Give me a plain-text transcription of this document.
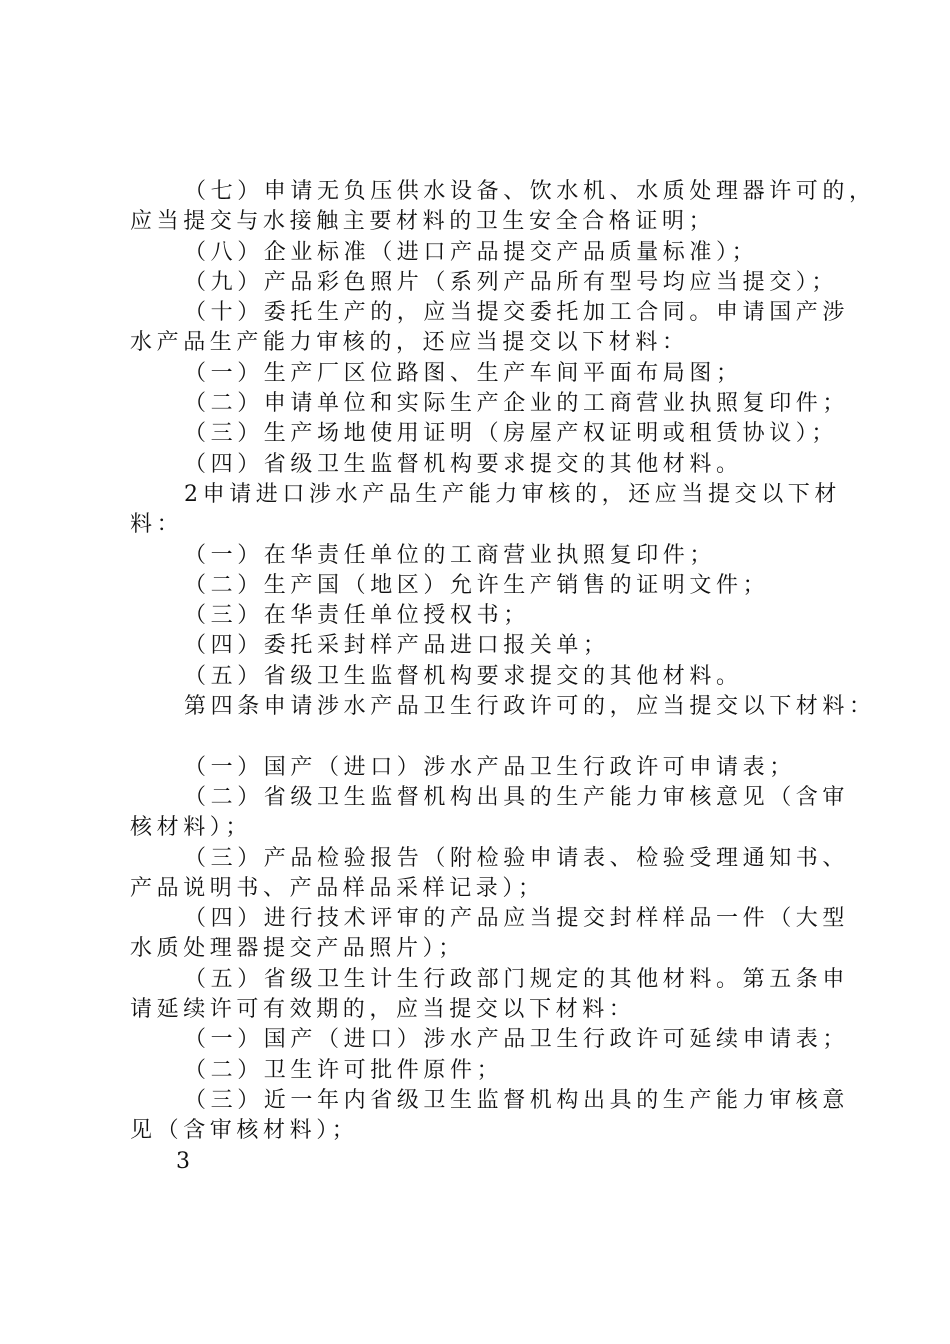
（七）申请无负压供水设备、饮水机、水质处理器许可的，
应当提交与水接触主要材料的卫生安全合格证明；
（八）企业标准（进口产品提交产品质量标准）；
（九）产品彩色照片（系列产品所有型号均应当提交）；
（十）委托生产的，应当提交委托加工合同。申请国产涉
水产品生产能力审核的，还应当提交以下材料：
（一）生产厂区位路图、生产车间平面布局图；
（二）申请单位和实际生产企业的工商营业执照复印件；
（三）生产场地使用证明（房屋产权证明或租赁协议）；
（四）省级卫生监督机构要求提交的其他材料。
2申请进口涉水产品生产能力审核的，还应当提交以下材
料：
（一）在华责任单位的工商营业执照复印件；
（二）生产国（地区）允许生产销售的证明文件；
（三）在华责任单位授权书；
（四）委托采封样产品进口报关单；
（五）省级卫生监督机构要求提交的其他材料。
第四条申请涉水产品卫生行政许可的，应当提交以下材料：
（一）国产（进口）涉水产品卫生行政许可申请表；
（二）省级卫生监督机构出具的生产能力审核意见（含审
核材料）；
（三）产品检验报告（附检验申请表、检验受理通知书、
产品说明书、产品样品采样记录）；
（四）进行技术评审的产品应当提交封样样品一件（大型
水质处理器提交产品照片）；
（五）省级卫生计生行政部门规定的其他材料。第五条申
请延续许可有效期的，应当提交以下材料：
（一）国产（进口）涉水产品卫生行政许可延续申请表；
（二）卫生许可批件原件；
（三）近一年内省级卫生监督机构出具的生产能力审核意
见（含审核材料）；
3
